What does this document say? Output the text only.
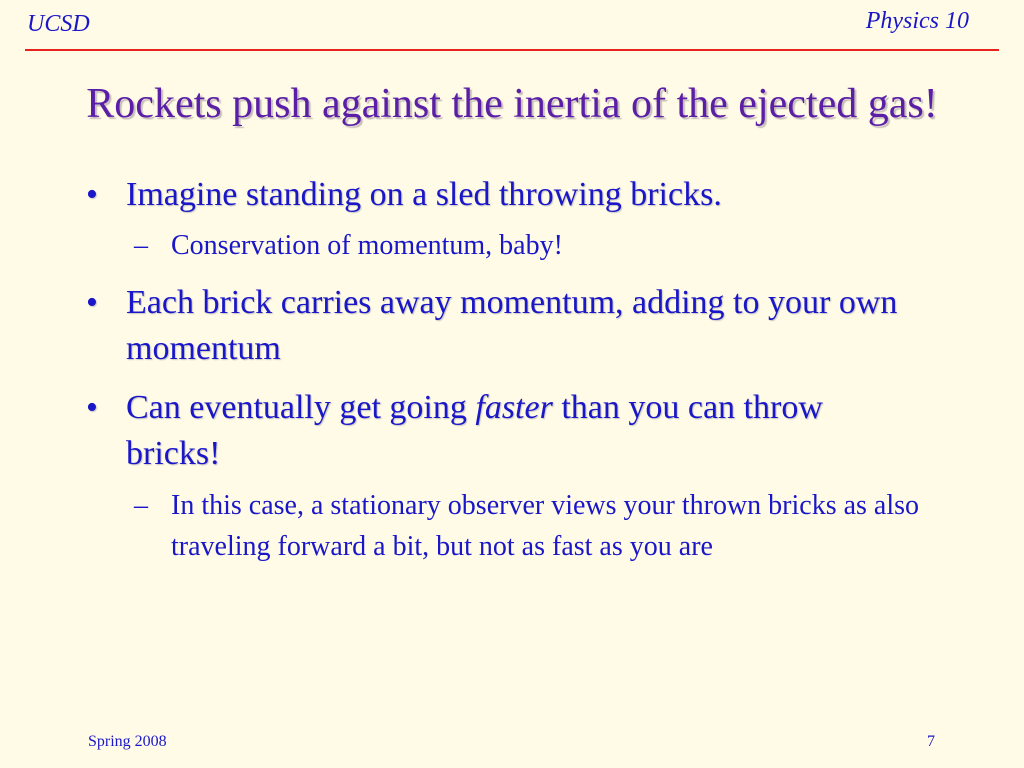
UCSD	Physics 10
Rockets push against the inertia of the ejected gas!
• Imagine standing on a sled throwing bricks.
– Conservation of momentum, baby!
• Each brick carries away momentum, adding to your own momentum
• Can eventually get going faster than you can throw bricks!
– In this case, a stationary observer views your thrown bricks as also traveling forward a bit, but not as fast as you are
Spring 2008	7
